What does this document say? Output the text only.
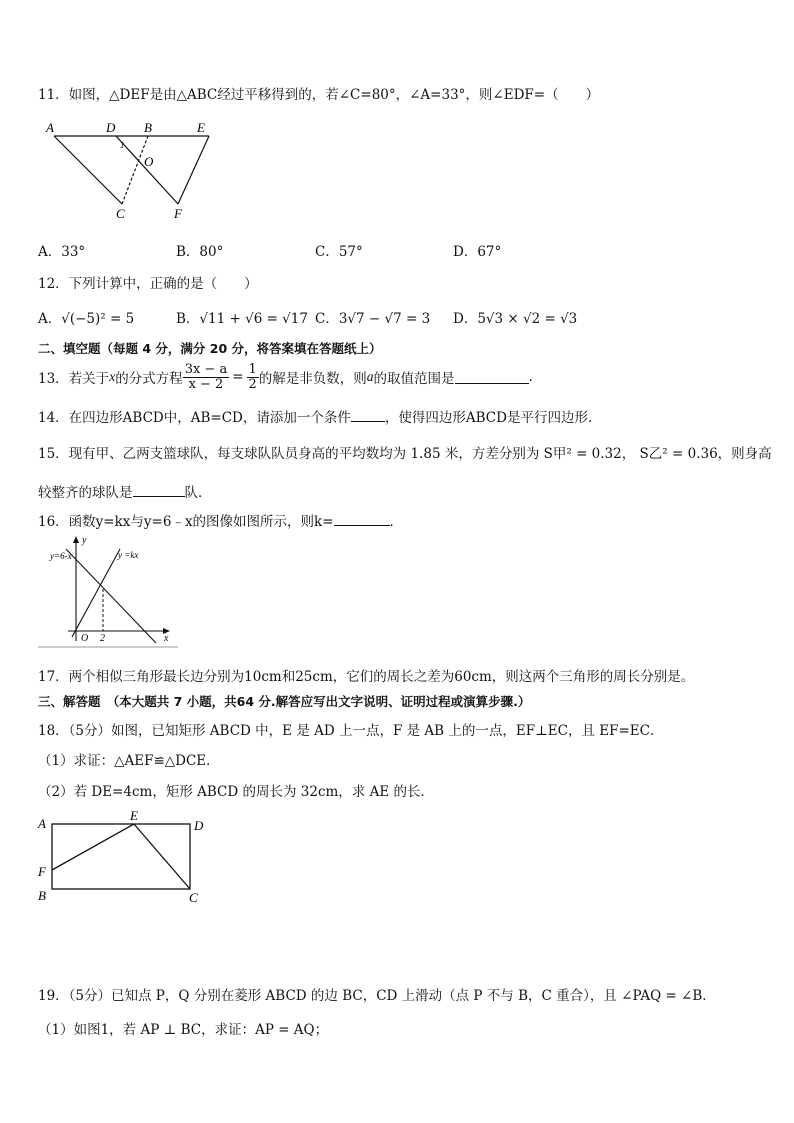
11．如图，△DEF是由△ABC经过平移得到的，若∠C=80°，∠A=33°，则∠EDF=（　　）
A	D B	E
1
O
C	F
A．33°	B．80°	C．57°	D．67°
12．下列计算中，正确的是（　　）
A．√(−5)² = 5	B．√11 + √6 = √17 C．3√7 − √7 = 3 D．5√3 × √2 = √3
二、填空题（每题 4 分，满分 20 分，将答案填在答题纸上）
13．若关于 x 的分式方程 $\frac{3x - a}{x - 2} = \frac{1}{2}$ 的解是非负数，则 a 的取值范围是	.
14．在四边形ABCD中，AB=CD，请添加一个条件	，使得四边形ABCD是平行四边形．
15．现有甲、乙两支篮球队，每支球队队员身高的平均数均为 1.85 米，方差分别为 S甲² = 0.32， S乙² = 0.36，则身高
较整齐的球队是	队．
16．函数y=kx与y=6﹣x的图像如图所示，则k=	．
y
y=6-x	y =kx
O 2	x
17．两个相似三角形最长边分别为10cm和25cm，它们的周长之差为60cm，则这两个三角形的周长分别是。
三、解答题　（本大题共 7 小题，共64 分.解答应写出文字说明、证明过程或演算步骤.）
18．（5分）如图，已知矩形 ABCD 中，E 是 AD 上一点，F 是 AB 上的一点，EF⊥EC，且 EF=EC．
（1）求证：△AEF≌△DCE．
（2）若 DE=4cm，矩形 ABCD 的周长为 32cm，求 AE 的长．
A
E
D
F
B	C
19．（5分）已知点 P，Q 分别在菱形 ABCD 的边 BC，CD 上滑动（点 P 不与 B，C 重合），且 ∠PAQ = ∠B．
（1）如图1，若 AP ⊥ BC，求证：AP = AQ；
